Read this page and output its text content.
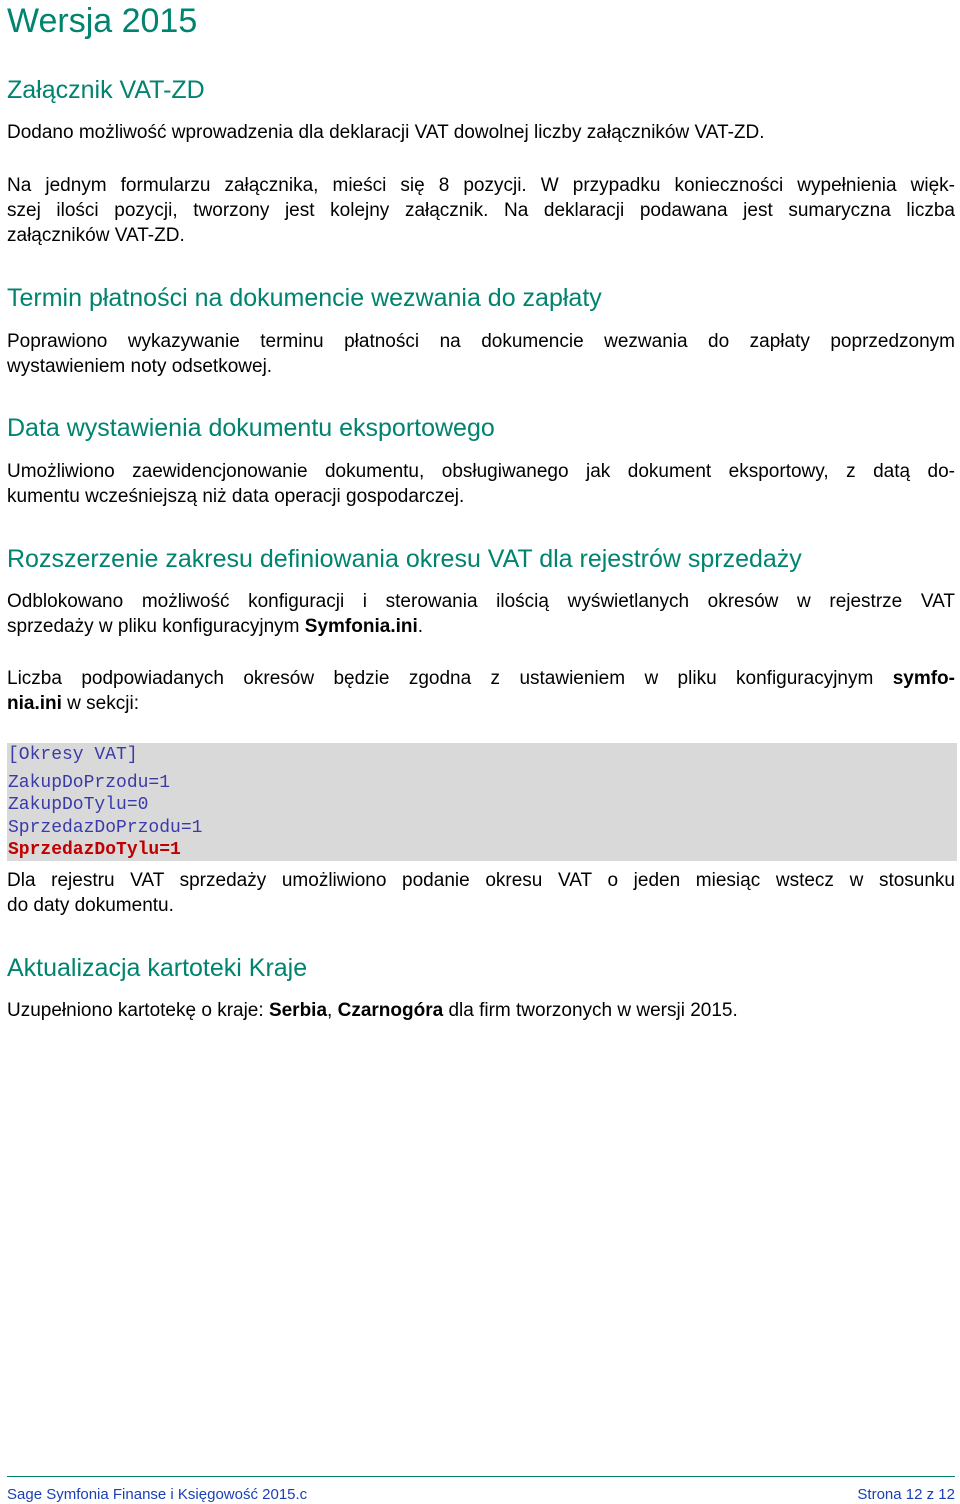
Wersja 2015
Załącznik VAT-ZD

Dodano możliwość wprowadzenia dla deklaracji VAT dowolnej liczby załączników VAT-ZD.

Na jednym formularzu załącznika, mieści się 8 pozycji. W przypadku konieczności wypełnienia więk-
szej ilości pozycji, tworzony jest kolejny załącznik. Na deklaracji podawana jest sumaryczna liczba
załączników VAT-ZD.
Termin płatności na dokumencie wezwania do zapłaty
Poprawiono wykazywanie terminu płatności na dokumencie wezwania do zapłaty poprzedzonym
wystawieniem noty odsetkowej.
Data wystawienia dokumentu eksportowego
Umożliwiono zaewidencjonowanie dokumentu, obsługiwanego jak dokument eksportowy, z datą do-
kumentu wcześniejszą niż data operacji gospodarczej.
Rozszerzenie zakresu definiowania okresu VAT dla rejestrów sprzedaży
Odblokowano możliwość konfiguracji i sterowania ilością wyświetlanych okresów w rejestrze VAT
sprzedaży w pliku konfiguracyjnym Symfonia.ini.
Liczba podpowiadanych okresów będzie zgodna z ustawieniem w pliku konfiguracyjnym symfo-
nia.ini w sekcji:
[Okresy VAT]
ZakupDoPrzodu=1
ZakupDoTylu=0
SprzedazDoPrzodu=1
SprzedazDoTylu=1
Dla rejestru VAT sprzedaży umożliwiono podanie okresu VAT o jeden miesiąc wstecz w stosunku
do daty dokumentu.
Aktualizacja kartoteki Kraje
Uzupełniono kartotekę o kraje: Serbia, Czarnogóra dla firm tworzonych w wersji 2015.
Sage Symfonia Finanse i Księgowość 2015.c	Strona 12 z 12
